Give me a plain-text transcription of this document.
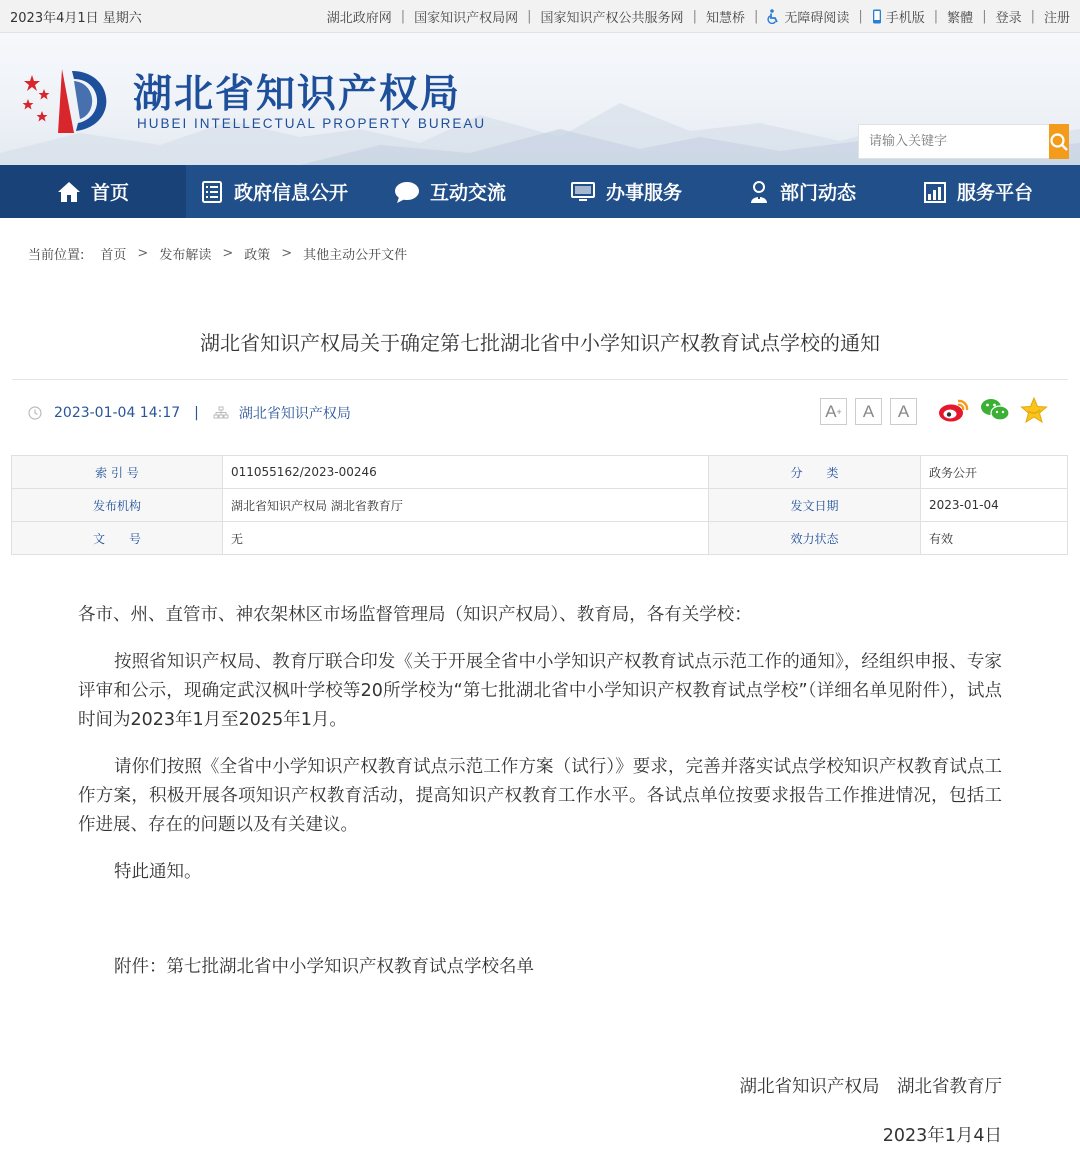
2023年4月1日 星期六	湖北政府网 | 国家知识产权局网 | 国家知识产权公共服务网 | 知慧桥 | 无障碍阅读 | 手机版 | 繁體 | 登录 | 注册
湖北省知识产权局
HUBEI INTELLECTUAL PROPERTY BUREAU
请输入关键字
首页	政府信息公开	互动交流	办事服务	部门动态	服务平台
当前位置: 首页 > 发布解读 > 政策 > 其他主动公开文件
湖北省知识产权局关于确定第七批湖北省中小学知识产权教育试点学校的通知
2023-01-04 14:17 |	湖北省知识产权局	A +	A	A
索 引 号	011055162/2023-00246	分　　类	政务公开
发布机构	湖北省知识产权局 湖北省教育厅	发文日期	2023-01-04
文　　号	无	效力状态	有效

各市、州、直管市、神农架林区市场监督管理局（知识产权局）、教育局，各有关学校：

按照省知识产权局、教育厅联合印发《关于开展全省中小学知识产权教育试点示范工作的通知》，经组织申报、专家评审和公示，现确定武汉枫叶学校等20所学校为“第七批湖北省中小学知识产权教育试点学校”（详细名单见附件），试点时间为2023年1月至2025年1月。

请你们按照《全省中小学知识产权教育试点示范工作方案（试行）》要求，完善并落实试点学校知识产权教育试点工作方案，积极开展各项知识产权教育活动，提高知识产权教育工作水平。各试点单位按要求报告工作推进情况，包括工作进展、存在的问题以及有关建议。

特此通知。

附件：第七批湖北省中小学知识产权教育试点学校名单

湖北省知识产权局　湖北省教育厅
2023年1月4日
